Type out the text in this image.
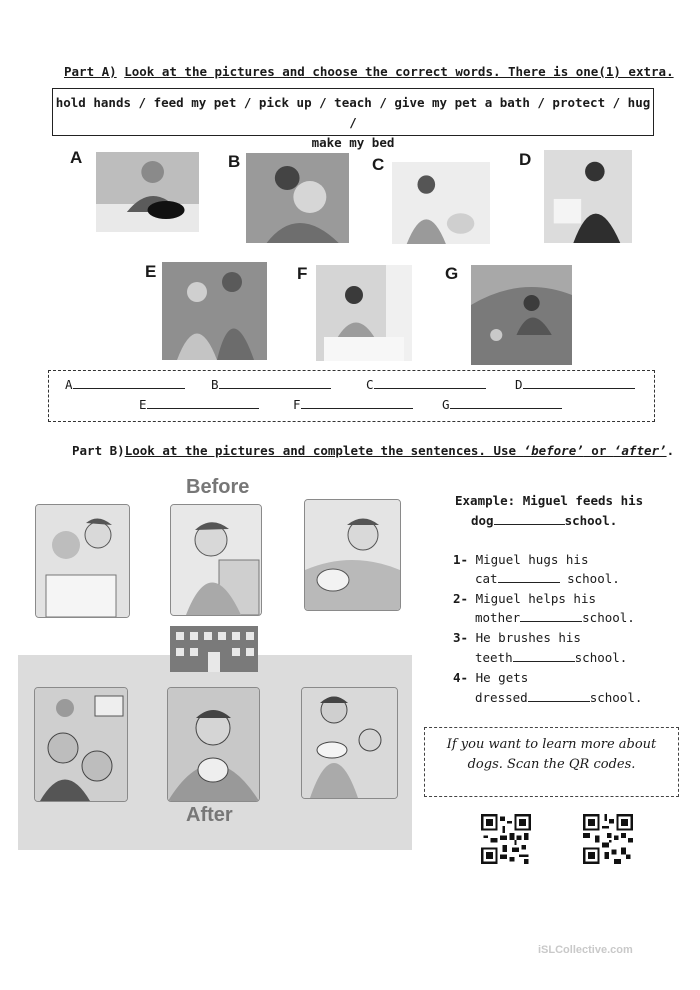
Part A) Look at the pictures and choose the correct words. There is one(1) extra.
hold hands / feed my pet / pick up / teach / give my pet a bath / protect / hug /
make my bed
A	B	C	D
E	F	G
A	B	C	D
E	F	G
Part B)Look at the pictures and complete the sentences. Use ‘before’ or ‘after’.
Before
After
Example: Miguel feeds his
dog	school.
1- Miguel hugs his
cat	school.
2- Miguel helps his
mother	school.
3- He brushes his
teeth	school.
4- He gets
dressed	school.
If you want to learn more about
dogs. Scan the QR codes.
iSLCollective.com
